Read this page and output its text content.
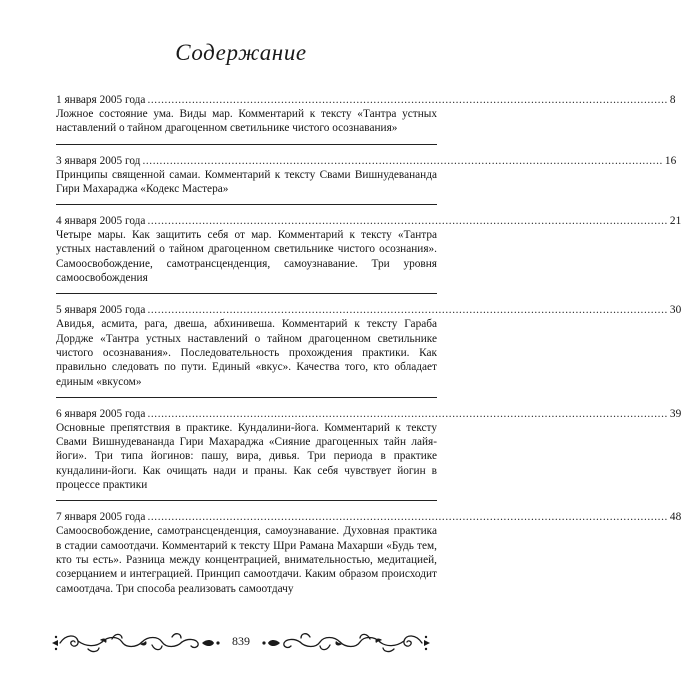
Содержание
1 января 2005 года ........................................................................................................................................................ 8

Ложное состояние ума. Виды мар. Комментарий к тексту «Тантра устных наставлений о тайном драгоценном светильнике чистого осознавания»

3 января 2005 год ........................................................................................................................................................ 16

Принципы священной самаи. Комментарий к тексту Свами Вишнудевананда Гири Махараджа «Кодекс Мастера»

4 января 2005 года ........................................................................................................................................................ 21

Четыре мары. Как защитить себя от мар. Комментарий к тексту «Тантра устных наставлений о тайном драгоценном светильнике чистого осознания». Самоосвобождение, самотрансценденция, самоузнавание. Три уровня самоосвобождения

5 января 2005 года ........................................................................................................................................................ 30

Авидья, асмита, рага, двеша, абхинивеша. Комментарий к тексту Гараба Дордже «Тантра устных наставлений о тайном драгоценном светильнике чистого осознавания». Последовательность прохождения практики. Как правильно следовать по пути. Единый «вкус». Качества того, кто обладает единым «вкусом»

6 января 2005 года ........................................................................................................................................................ 39

Основные препятствия в практике. Кундалини-йога. Комментарий к тексту Свами Вишнудевананда Гири Махараджа «Сияние драгоценных тайн лайя-йоги». Три типа йогинов: пашу, вира, дивья. Три периода в практике кундалини-йоги. Как очищать нади и праны. Как себя чувствует йогин в процессе практики

7 января 2005 года ........................................................................................................................................................ 48

Самоосвобождение, самотрансценденция, самоузнавание. Духовная практика в стадии самоотдачи. Комментарий к тексту Шри Рамана Махарши «Будь тем, кто ты есть». Разница между концентрацией, внимательностью, медитацией, созерцанием и интеграцией. Принцип самоотдачи. Каким образом происходит самоотдача. Три способа реализовать самоотдачу

839
